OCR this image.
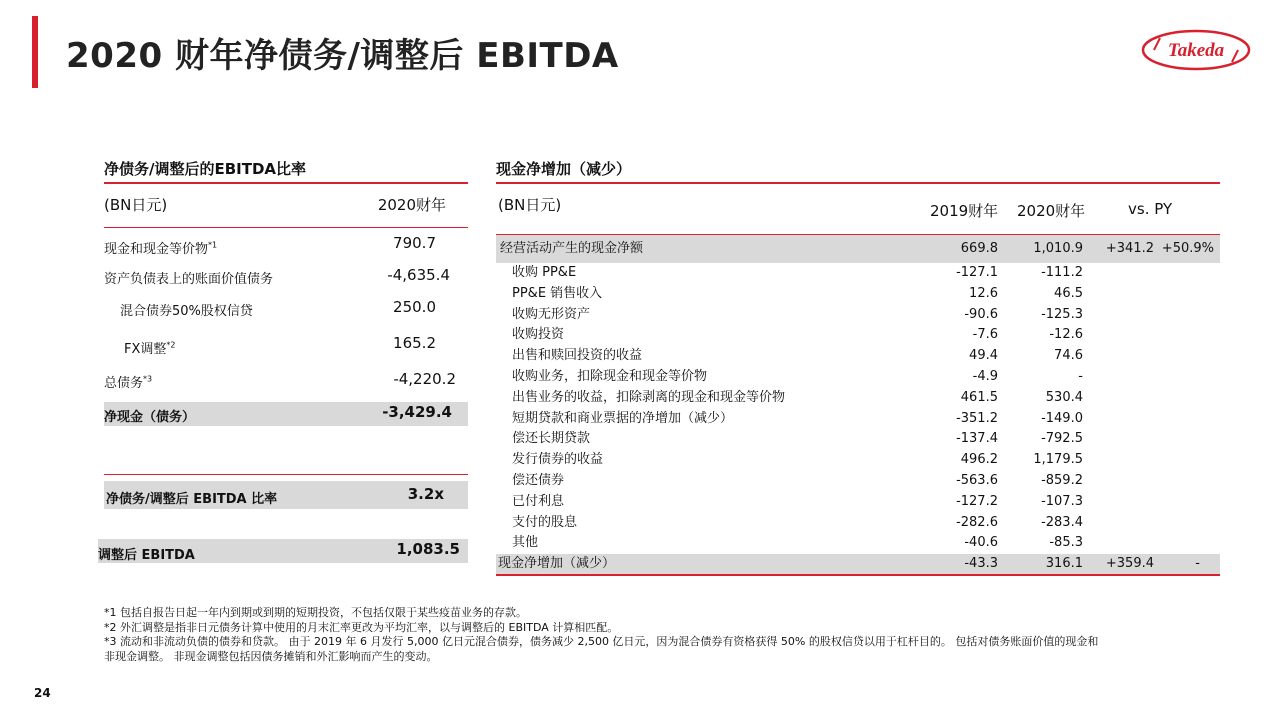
2020 财年净债务/调整后 EBITDA	Takeda
净债务/调整后的EBITDA比率
(BN日元)	2020财年
现金和现金等价物$^{*1}$	790.7
资产负债表上的账面价值债务	-4,635.4
混合债券50%股权信贷	250.0
FX调整$^{*2}$	165.2
总债务$^{*3}$	-4,220.2
净现金（债务）	-3,429.4
净债务/调整后 EBITDA 比率	3.2x
调整后 EBITDA	1,083.5
现金净增加（减少）
(BN日元)	2019财年 2020财年	vs. PY
经营活动产生的现金净额	669.8	1,010.9 +341.2 +50.9%
收购 PP&E	-127.1	-111.2
PP&E 销售收入	12.6	46.5
收购无形资产	-90.6	-125.3
收购投资	-7.6	-12.6
出售和赎回投资的收益	49.4	74.6
收购业务，扣除现金和现金等价物	-4.9	-
出售业务的收益，扣除剥离的现金和现金等价物	461.5	530.4
短期贷款和商业票据的净增加（减少）	-351.2	-149.0
偿还长期贷款	-137.4	-792.5
发行债券的收益	496.2	1,179.5
偿还债券	-563.6	-859.2
已付利息	-127.2	-107.3
支付的股息	-282.6	-283.4
其他	-40.6	-85.3
现金净增加（减少）	-43.3	316.1 +359.4	-
*1 包括自报告日起一年内到期或到期的短期投资，不包括仅限于某些疫苗业务的存款。
*2 外汇调整是指非日元债务计算中使用的月末汇率更改为平均汇率，以与调整后的 EBITDA 计算相匹配。
*3 流动和非流动负债的债券和贷款。 由于 2019 年 6 月发行 5,000 亿日元混合债券，债务减少 2,500 亿日元，因为混合债券有资格获得 50% 的股权信贷以用于杠杆目的。 包括对债务账面价值的现金和
非现金调整。 非现金调整包括因债务摊销和外汇影响而产生的变动。
24
